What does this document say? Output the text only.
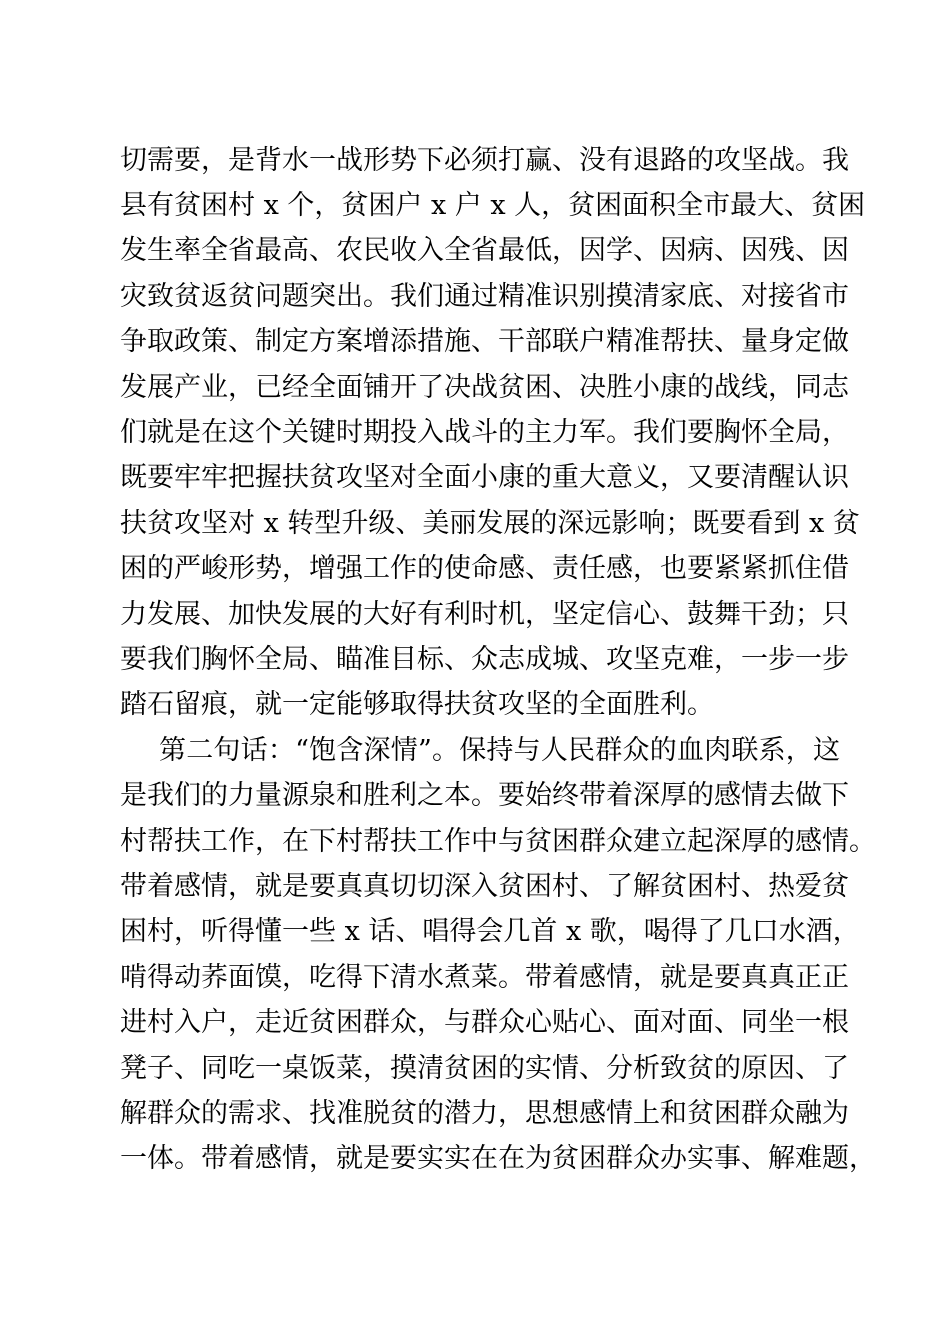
切需要，是背水一战形势下必须打赢、没有退路的攻坚战。我

县有贫困村 x 个，贫困户 x 户 x 人，贫困面积全市最大、贫困

发生率全省最高、农民收入全省最低，因学、因病、因残、因

灾致贫返贫问题突出。我们通过精准识别摸清家底、对接省市

争取政策、制定方案增添措施、干部联户精准帮扶、量身定做

发展产业，已经全面铺开了决战贫困、决胜小康的战线，同志

们就是在这个关键时期投入战斗的主力军。我们要胸怀全局，

既要牢牢把握扶贫攻坚对全面小康的重大意义，又要清醒认识

扶贫攻坚对 x 转型升级、美丽发展的深远影响；既要看到 x 贫

困的严峻形势，增强工作的使命感、责任感，也要紧紧抓住借

力发展、加快发展的大好有利时机，坚定信心、鼓舞干劲；只

要我们胸怀全局、瞄准目标、众志成城、攻坚克难，一步一步

踏石留痕，就一定能够取得扶贫攻坚的全面胜利。

第二句话：“饱含深情”。保持与人民群众的血肉联系，这

是我们的力量源泉和胜利之本。要始终带着深厚的感情去做下

村帮扶工作，在下村帮扶工作中与贫困群众建立起深厚的感情。

带着感情，就是要真真切切深入贫困村、了解贫困村、热爱贫

困村，听得懂一些 x 话、唱得会几首 x 歌，喝得了几口水酒，

啃得动荞面馍，吃得下清水煮菜。带着感情，就是要真真正正

进村入户，走近贫困群众，与群众心贴心、面对面、同坐一根

凳子、同吃一桌饭菜，摸清贫困的实情、分析致贫的原因、了

解群众的需求、找准脱贫的潜力，思想感情上和贫困群众融为

一体。带着感情，就是要实实在在为贫困群众办实事、解难题，
